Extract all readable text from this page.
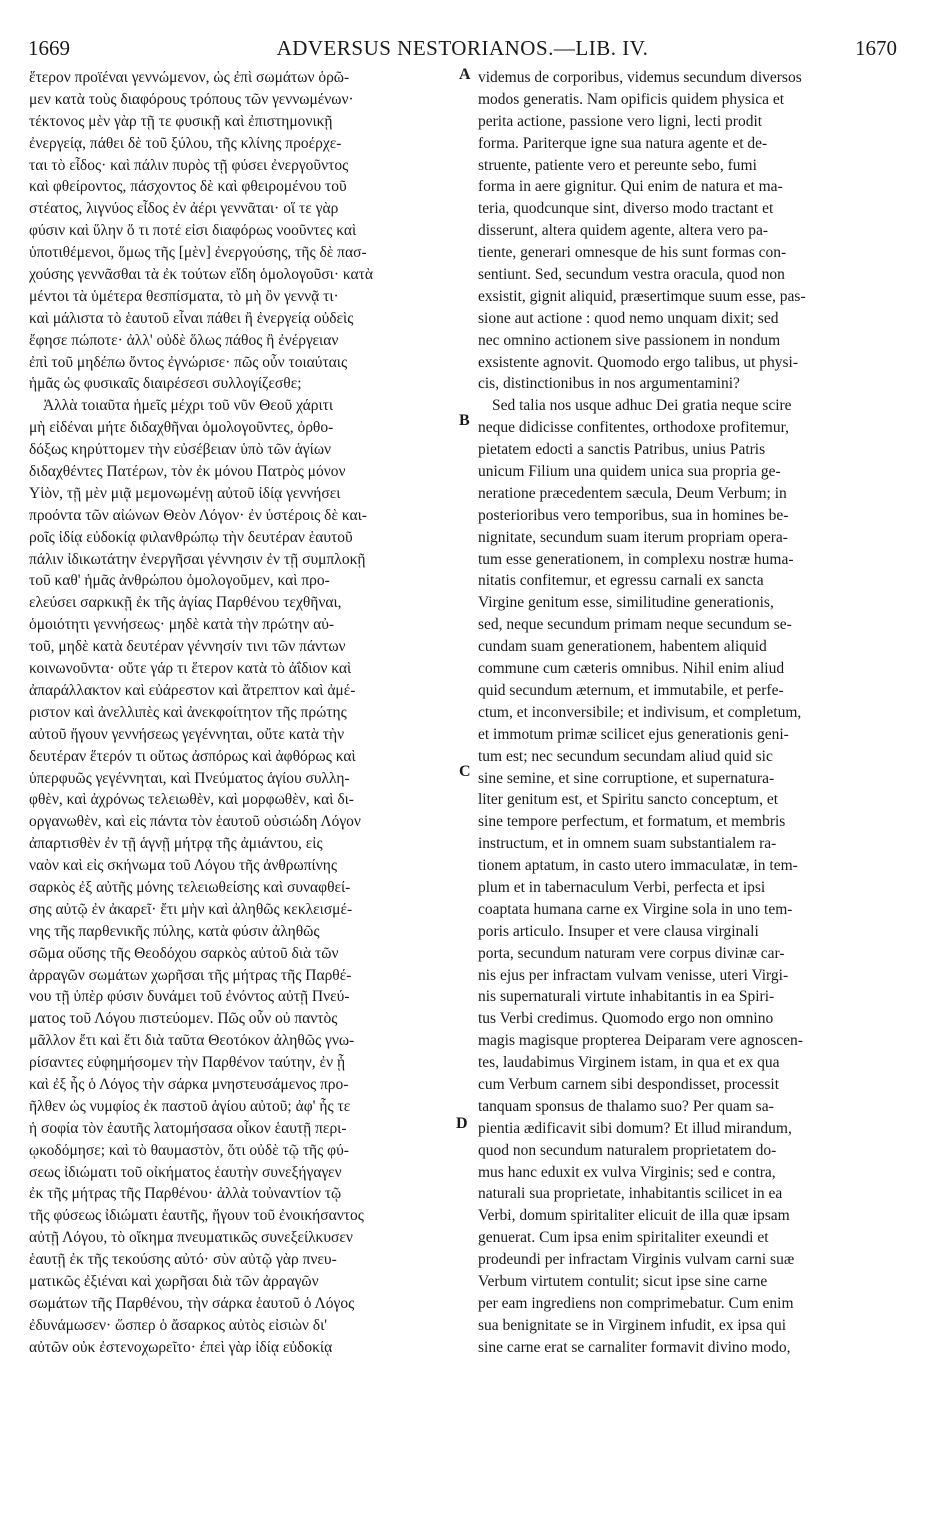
1669	ADVERSUS NESTORIANOS.—LIB. IV.	1670
ἕτερον προϊέναι γεννώμενον, ὡς ἐπὶ σωμάτων ὁρῶ-
μεν κατὰ τοὺς διαφόρους τρόπους τῶν γεννωμένων·
τέκτονος μὲν γὰρ τῇ τε φυσικῇ καὶ ἐπιστημονικῇ
ἐνεργείᾳ, πάθει δὲ τοῦ ξύλου, τῆς κλίνης προέρχε-
ται τὸ εἶδος· καὶ πάλιν πυρὸς τῇ φύσει ἐνεργοῦντος
καὶ φθείροντος, πάσχοντος δὲ καὶ φθειρομένου τοῦ
στέατος, λιγνύος εἶδος ἐν ἀέρι γεννᾶται· οἵ τε γὰρ
φύσιν καὶ ὕλην ὅ τι ποτέ εἰσι διαφόρως νοοῦντες καὶ
ὑποτιθέμενοι, ὅμως τῆς [μὲν] ἐνεργούσης, τῆς δὲ πασ-
χούσης γεννᾶσθαι τὰ ἐκ τούτων εἴδη ὁμολογοῦσι· κατὰ
μέντοι τὰ ὑμέτερα θεσπίσματα, τὸ μὴ ὂν γεννᾷ τι·
καὶ μάλιστα τὸ ἑαυτοῦ εἶναι πάθει ἢ ἐνεργείᾳ οὐδεὶς
ἔφησε πώποτε· ἀλλ' οὐδὲ ὅλως πάθος ἢ ἐνέργειαν
ἐπὶ τοῦ μηδέπω ὄντος ἐγνώρισε· πῶς οὖν τοιαύταις
ἡμᾶς ὡς φυσικαῖς διαιρέσεσι συλλογίζεσθε;
Ἀλλὰ τοιαῦτα ἡμεῖς μέχρι τοῦ νῦν Θεοῦ χάριτι
μὴ εἰδέναι μήτε διδαχθῆναι ὁμολογοῦντες, ὀρθο-
δόξως κηρύττομεν τὴν εὐσέβειαν ὑπὸ τῶν ἁγίων
διδαχθέντες Πατέρων, τὸν ἐκ μόνου Πατρὸς μόνον
Υἱὸν, τῇ μὲν μιᾷ μεμονωμένῃ αὐτοῦ ἰδίᾳ γεννήσει
προόντα τῶν αἰώνων Θεὸν Λόγον· ἐν ὑστέροις δὲ και-
ροῖς ἰδίᾳ εὐδοκίᾳ φιλανθρώπῳ τὴν δευτέραν ἑαυτοῦ
πάλιν ἰδικωτάτην ἐνεργῆσαι γέννησιν ἐν τῇ συμπλοκῇ
τοῦ καθ' ἡμᾶς ἀνθρώπου ὁμολογοῦμεν, καὶ προ-
ελεύσει σαρκικῇ ἐκ τῆς ἁγίας Παρθένου τεχθῆναι,
ὁμοιότητι γεννήσεως· μηδὲ κατὰ τὴν πρώτην αὐ-
τοῦ, μηδὲ κατὰ δευτέραν γέννησίν τινι τῶν πάντων
κοινωνοῦντα· οὔτε γάρ τι ἕτερον κατὰ τὸ ἀΐδιον καὶ
ἀπαράλλακτον καὶ εὐάρεστον καὶ ἄτρεπτον καὶ ἀμέ-
ριστον καὶ ἀνελλιπὲς καὶ ἀνεκφοίτητον τῆς πρώτης
αὐτοῦ ἤγουν γεννήσεως γεγέννηται, οὔτε κατὰ τὴν
δευτέραν ἕτερόν τι οὕτως ἀσπόρως καὶ ἀφθόρως καὶ
ὑπερφυῶς γεγέννηται, καὶ Πνεύματος ἁγίου συλλη-
φθὲν, καὶ ἀχρόνως τελειωθὲν, καὶ μορφωθὲν, καὶ δι-
οργανωθὲν, καὶ εἰς πάντα τὸν ἑαυτοῦ οὐσιώδη Λόγον
ἀπαρτισθὲν ἐν τῇ ἁγνῇ μήτρᾳ τῆς ἀμιάντου, εἰς
ναὸν καὶ εἰς σκήνωμα τοῦ Λόγου τῆς ἀνθρωπίνης
σαρκὸς ἐξ αὐτῆς μόνης τελειωθείσης καὶ συναφθεί-
σης αὐτῷ ἐν ἀκαρεῖ· ἔτι μὴν καὶ ἀληθῶς κεκλεισμέ-
νης τῆς παρθενικῆς πύλης, κατὰ φύσιν ἀληθῶς
σῶμα οὔσης τῆς Θεοδόχου σαρκὸς αὐτοῦ διὰ τῶν
ἀρραγῶν σωμάτων χωρῆσαι τῆς μήτρας τῆς Παρθέ-
νου τῇ ὑπὲρ φύσιν δυνάμει τοῦ ἐνόντος αὐτῇ Πνεύ-
ματος τοῦ Λόγου πιστεύομεν. Πῶς οὖν οὐ παντὸς
μᾶλλον ἔτι καὶ ἔτι διὰ ταῦτα Θεοτόκον ἀληθῶς γνω-
ρίσαντες εὐφημήσομεν τὴν Παρθένον ταύτην, ἐν ᾗ
καὶ ἐξ ἧς ὁ Λόγος τὴν σάρκα μνηστευσάμενος προ-
ῆλθεν ὡς νυμφίος ἐκ παστοῦ ἁγίου αὐτοῦ; ἀφ' ἧς τε
ἡ σοφία τὸν ἑαυτῆς λατομήσασα οἶκον ἑαυτῇ περι-
ῳκοδόμησε; καὶ τὸ θαυμαστὸν, ὅτι οὐδὲ τῷ τῆς φύ-
σεως ἰδιώματι τοῦ οἰκήματος ἑαυτὴν συνεξήγαγεν
ἐκ τῆς μήτρας τῆς Παρθένου· ἀλλὰ τοὐναντίον τῷ
τῆς φύσεως ἰδιώματι ἑαυτῆς, ἤγουν τοῦ ἐνοικήσαντος
αὐτῇ Λόγου, τὸ οἴκημα πνευματικῶς συνεξείλκυσεν
ἑαυτῇ ἐκ τῆς τεκούσης αὐτό· σὺν αὐτῷ γὰρ πνευ-
ματικῶς ἐξιέναι καὶ χωρῆσαι διὰ τῶν ἀρραγῶν
σωμάτων τῆς Παρθένου, τὴν σάρκα ἑαυτοῦ ὁ Λόγος
ἐδυνάμωσεν· ὥσπερ ὁ ἄσαρκος αὐτὸς εἰσιὼν δι'
αὐτῶν οὐκ ἐστενοχωρεῖτο· ἐπεὶ γὰρ ἰδίᾳ εὐδοκίᾳ
videmus de corporibus, videmus secundum diversos
modos generatis. Nam opificis quidem physica et
perita actione, passione vero ligni, lecti prodit
forma. Pariterque igne sua natura agente et de-
struente, patiente vero et pereunte sebo, fumi
forma in aere gignitur. Qui enim de natura et ma-
teria, quodcunque sint, diverso modo tractant et
disserunt, altera quidem agente, altera vero pa-
tiente, generari omnesque de his sunt formas con-
sentiunt. Sed, secundum vestra oracula, quod non
exsistit, gignit aliquid, præsertimque suum esse, pas-
sione aut actione : quod nemo unquam dixit; sed
nec omnino actionem sive passionem in nondum
exsistente agnovit. Quomodo ergo talibus, ut physi-
cis, distinctionibus in nos argumentamini?
Sed talia nos usque adhuc Dei gratia neque scire
neque didicisse confitentes, orthodoxe profitemur,
pietatem edocti a sanctis Patribus, unius Patris
unicum Filium una quidem unica sua propria ge-
neratione præcedentem sæcula, Deum Verbum; in
posterioribus vero temporibus, sua in homines be-
nignitate, secundum suam iterum propriam opera-
tum esse generationem, in complexu nostræ huma-
nitatis confitemur, et egressu carnali ex sancta
Virgine genitum esse, similitudine generationis,
sed, neque secundum primam neque secundum se-
cundam suam generationem, habentem aliquid
commune cum cæteris omnibus. Nihil enim aliud
quid secundum æternum, et immutabile, et perfe-
ctum, et inconversibile; et indivisum, et completum,
et immotum primæ scilicet ejus generationis geni-
tum est; nec secundum secundam aliud quid sic
sine semine, et sine corruptione, et supernatura-
liter genitum est, et Spiritu sancto conceptum, et
sine tempore perfectum, et formatum, et membris
instructum, et in omnem suam substantialem ra-
tionem aptatum, in casto utero immaculatæ, in tem-
plum et in tabernaculum Verbi, perfecta et ipsi
coaptata humana carne ex Virgine sola in uno tem-
poris articulo. Insuper et vere clausa virginali
porta, secundum naturam vere corpus divinæ car-
nis ejus per infractam vulvam venisse, uteri Virgi-
nis supernaturali virtute inhabitantis in ea Spiri-
tus Verbi credimus. Quomodo ergo non omnino
magis magisque propterea Deiparam vere agnoscen-
tes, laudabimus Virginem istam, in qua et ex qua
cum Verbum carnem sibi despondisset, processit
tanquam sponsus de thalamo suo? Per quam sa-
pientia ædificavit sibi domum? Et illud mirandum,
quod non secundum naturalem proprietatem do-
mus hanc eduxit ex vulva Virginis; sed e contra,
naturali sua proprietate, inhabitantis scilicet in ea
Verbi, domum spiritaliter elicuit de illa quæ ipsam
genuerat. Cum ipsa enim spiritaliter exeundi et
prodeundi per infractam Virginis vulvam carni suæ
Verbum virtutem contulit; sicut ipse sine carne
per eam ingrediens non comprimebatur. Cum enim
sua benignitate se in Virginem infudit, ex ipsa qui
sine carne erat se carnaliter formavit divino modo,
A
B
C
D
